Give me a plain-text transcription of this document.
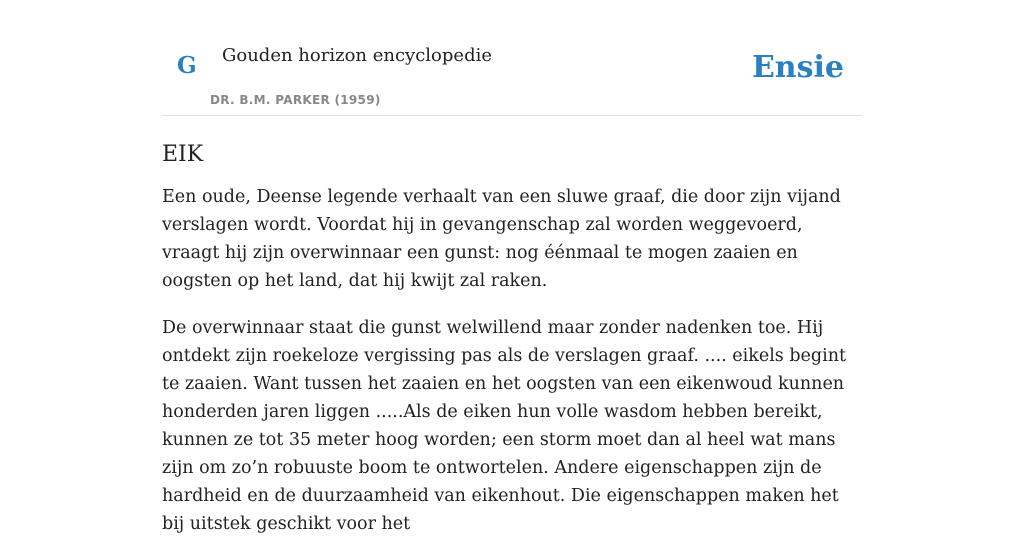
G Gouden horizon encyclopedie
DR. B.M. PARKER (1959)
Ensie
EIK

Een oude, Deense legende verhaalt van een sluwe graaf, die door zijn vijand verslagen wordt. Voordat hij in gevangenschap zal worden weggevoerd, vraagt hij zijn overwinnaar een gunst: nog éénmaal te mogen zaaien en oogsten op het land, dat hij kwijt zal raken.

De overwinnaar staat die gunst welwillend maar zonder nadenken toe. Hij ontdekt zijn roekeloze vergissing pas als de verslagen graaf. .... eikels begint te zaaien. Want tussen het zaaien en het oogsten van een eikenwoud kunnen honderden jaren liggen .....Als de eiken hun volle wasdom hebben bereikt, kunnen ze tot 35 meter hoog worden; een storm moet dan al heel wat mans zijn om zo’n robuuste boom te ontwortelen. Andere eigenschappen zijn de hardheid en de duurzaamheid van eikenhout. Die eigenschappen maken het bij uitstek geschikt voor het
